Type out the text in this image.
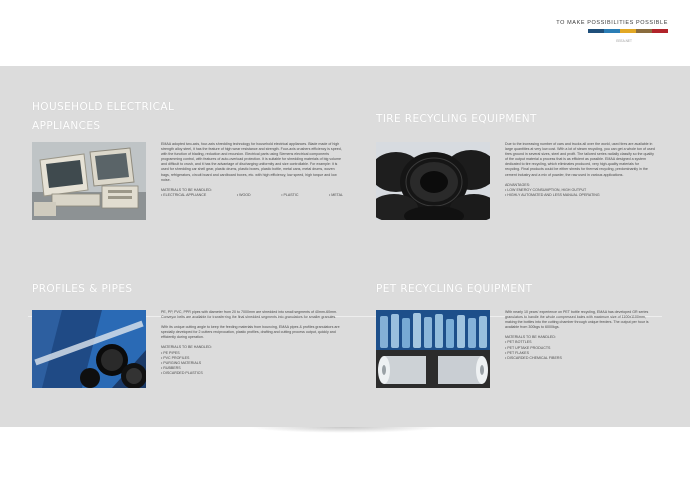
TO MAKE POSSIBILITIES POSSIBLE
EEEA.NET
HOUSEHOLD ELECTRICAL
APPLIANCES

EMAA adopted two-axis, four-axis shredding technology for household electrical appliances. Blade made of high strength alloy steel, it has the feature of high wear resistance and strength. Four-axis crushers efficiency is speed, with the function of blading, reduction and recursion. Electrical parts using Siemens electrical components programming control, with features of auto-overload protection. It is suitable for shredding materials of big volume and difficult to crush, and it has the advantage of discharging uniformity and size controllable. For example: it is used for shredding car shell gear, plastic drums, plastic boxes, plastic bottle, metal cans, metal drums, woven bags, refrigerators, circuit board and cardboard boxes, etc. with high efficiency, low speed, high torque and low noise.

MATERIALS TO BE HANDLED:
• ELECTRICAL APPLIANCE	• WOOD	• PLASTIC	• METAL
TIRE RECYCLING EQUIPMENT

Due to the increasing number of cars and trucks all over the world, used tires are available in large quantities at very low cost. With a lot of steam recycling, you can get a whole ton of used tires ground in several sizes, steel and profit. The tailored series radially classify so the quality of the output material a process that is as efficient as possible. EMAA designed a system dedicated to tire recycling, which eliminates produced, very high-quality materials for recycling. Final products could be either shreds for thermal recycling, predominantly in the cement industry and a mix of powder, the raw used in various applications.

ADVANTAGES:
• LOW ENERGY CONSUMPTION, HIGH OUTPUT
• HIGHLY AUTOMATED AND LESS MANUAL OPERATING
PROFILES & PIPES

PE, PP, PVC, PPR pipes with diameter from 20 to 7000mm are shredded into small segments of 40mm-60mm. Conveyor belts are available for transferring the final shredded segments into granulators for smaller granules.

With its unique cutting angle to keep the feeding materials from bouncing, EMAA pipes & profiles granulators are specially developed for 2 cutters reciprocation, plastic profiles, drafting and cutting process output, quickly and efficiently during operation.

MATERIALS TO BE HANDLED:
• PE PIPES
• PVC PROFILES
• PURGING MATERIALS
• RUBBERS
• DISCARDED PLASTICS
PET RECYCLING EQUIPMENT

With nearly 10 years' experience on PET bottle recycling, EMAA has developed GR series granulators to handle the whole compressed bales with maximum size of 1100x1100mm, making the bottles into the cutting chamber through unique feeders. The output per hour is available from 300kgs to 6000kgs.

MATERIALS TO BE HANDLED:
• PET BOTTLES
• PET UPTAKE PRODUCTS
• PET FLAKES
• DISCARDED CHEMICAL FIBERS
